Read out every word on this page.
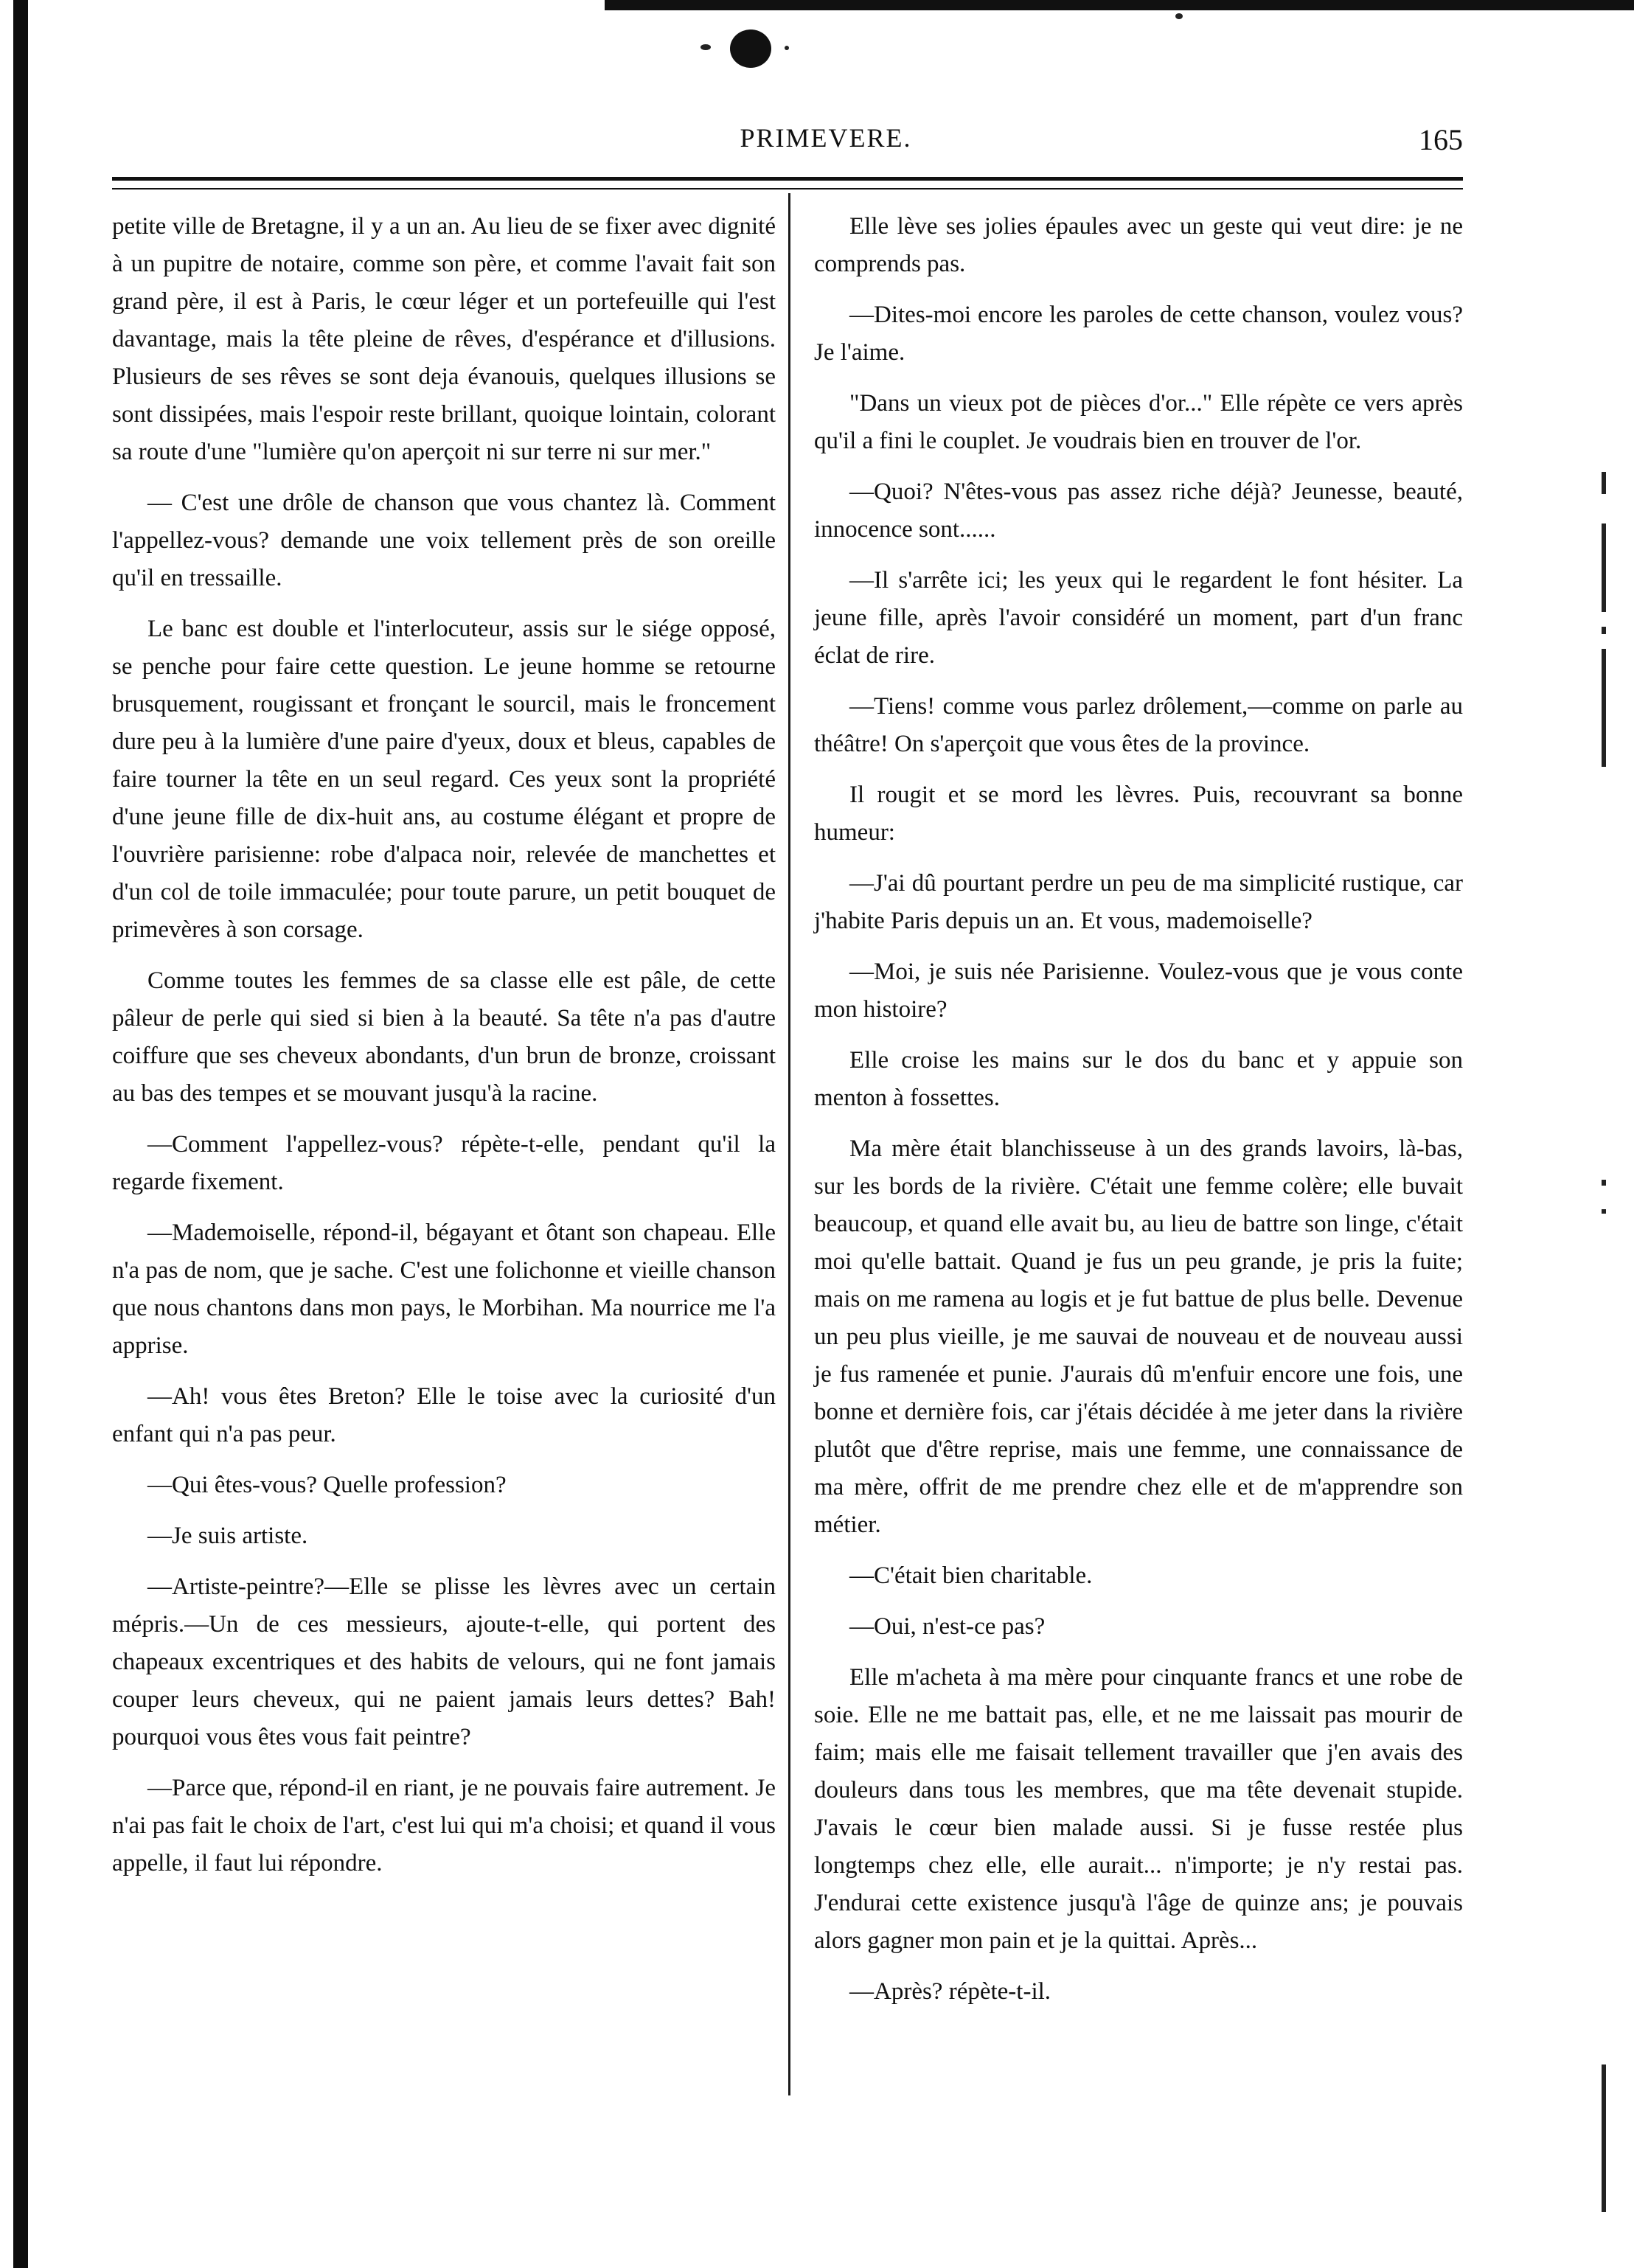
PRIMEVERE.	165

petite ville de Bretagne, il y a un an. Au lieu de se fixer avec dignité à un pupitre de notaire, comme son père, et comme l'avait fait son grand père, il est à Paris, le cœur léger et un portefeuille qui l'est davantage, mais la tête pleine de rêves, d'espérance et d'illusions. Plusieurs de ses rêves se sont deja évanouis, quelques illusions se sont dissipées, mais l'espoir reste brillant, quoique lointain, colorant sa route d'une "lumière qu'on aperçoit ni sur terre ni sur mer."

— C'est une drôle de chanson que vous chantez là. Comment l'appellez-vous? demande une voix tellement près de son oreille qu'il en tressaille.

Le banc est double et l'interlocuteur, assis sur le siége opposé, se penche pour faire cette question. Le jeune homme se retourne brusquement, rougissant et fronçant le sourcil, mais le froncement dure peu à la lumière d'une paire d'yeux, doux et bleus, capables de faire tourner la tête en un seul regard. Ces yeux sont la propriété d'une jeune fille de dix-huit ans, au costume élégant et propre de l'ouvrière parisienne: robe d'alpaca noir, relevée de manchettes et d'un col de toile immaculée; pour toute parure, un petit bouquet de primevères à son corsage.

Comme toutes les femmes de sa classe elle est pâle, de cette pâleur de perle qui sied si bien à la beauté. Sa tête n'a pas d'autre coiffure que ses cheveux abondants, d'un brun de bronze, croissant au bas des tempes et se mouvant jusqu'à la racine.

—Comment l'appellez-vous? répète-t-elle, pendant qu'il la regarde fixement.

—Mademoiselle, répond-il, bégayant et ôtant son chapeau. Elle n'a pas de nom, que je sache. C'est une folichonne et vieille chanson que nous chantons dans mon pays, le Morbihan. Ma nourrice me l'a apprise.

—Ah! vous êtes Breton? Elle le toise avec la curiosité d'un enfant qui n'a pas peur.

—Qui êtes-vous? Quelle profession?

—Je suis artiste.

—Artiste-peintre?—Elle se plisse les lèvres avec un certain mépris.—Un de ces messieurs, ajoute-t-elle, qui portent des chapeaux excentriques et des habits de velours, qui ne font jamais couper leurs cheveux, qui ne paient jamais leurs dettes? Bah! pourquoi vous êtes vous fait peintre?

—Parce que, répond-il en riant, je ne pouvais faire autrement. Je n'ai pas fait le choix de l'art, c'est lui qui m'a choisi; et quand il vous appelle, il faut lui répondre.

Elle lève ses jolies épaules avec un geste qui veut dire: je ne comprends pas.

—Dites-moi encore les paroles de cette chanson, voulez vous? Je l'aime.

"Dans un vieux pot de pièces d'or..." Elle répète ce vers après qu'il a fini le couplet. Je voudrais bien en trouver de l'or.

—Quoi? N'êtes-vous pas assez riche déjà? Jeunesse, beauté, innocence sont......

—Il s'arrête ici; les yeux qui le regardent le font hésiter. La jeune fille, après l'avoir considéré un moment, part d'un franc éclat de rire.

—Tiens! comme vous parlez drôlement,—comme on parle au théâtre! On s'aperçoit que vous êtes de la province.

Il rougit et se mord les lèvres. Puis, recouvrant sa bonne humeur:

—J'ai dû pourtant perdre un peu de ma simplicité rustique, car j'habite Paris depuis un an. Et vous, mademoiselle?

—Moi, je suis née Parisienne. Voulez-vous que je vous conte mon histoire?

Elle croise les mains sur le dos du banc et y appuie son menton à fossettes.

Ma mère était blanchisseuse à un des grands lavoirs, là-bas, sur les bords de la rivière. C'était une femme colère; elle buvait beaucoup, et quand elle avait bu, au lieu de battre son linge, c'était moi qu'elle battait. Quand je fus un peu grande, je pris la fuite; mais on me ramena au logis et je fut battue de plus belle. Devenue un peu plus vieille, je me sauvai de nouveau et de nouveau aussi je fus ramenée et punie. J'aurais dû m'enfuir encore une fois, une bonne et dernière fois, car j'étais décidée à me jeter dans la rivière plutôt que d'être reprise, mais une femme, une connaissance de ma mère, offrit de me prendre chez elle et de m'apprendre son métier.

—C'était bien charitable.

—Oui, n'est-ce pas?

Elle m'acheta à ma mère pour cinquante francs et une robe de soie. Elle ne me battait pas, elle, et ne me laissait pas mourir de faim; mais elle me faisait tellement travailler que j'en avais des douleurs dans tous les membres, que ma tête devenait stupide. J'avais le cœur bien malade aussi. Si je fusse restée plus longtemps chez elle, elle aurait... n'importe; je n'y restai pas. J'endurai cette existence jusqu'à l'âge de quinze ans; je pouvais alors gagner mon pain et je la quittai. Après...

—Après? répète-t-il.
